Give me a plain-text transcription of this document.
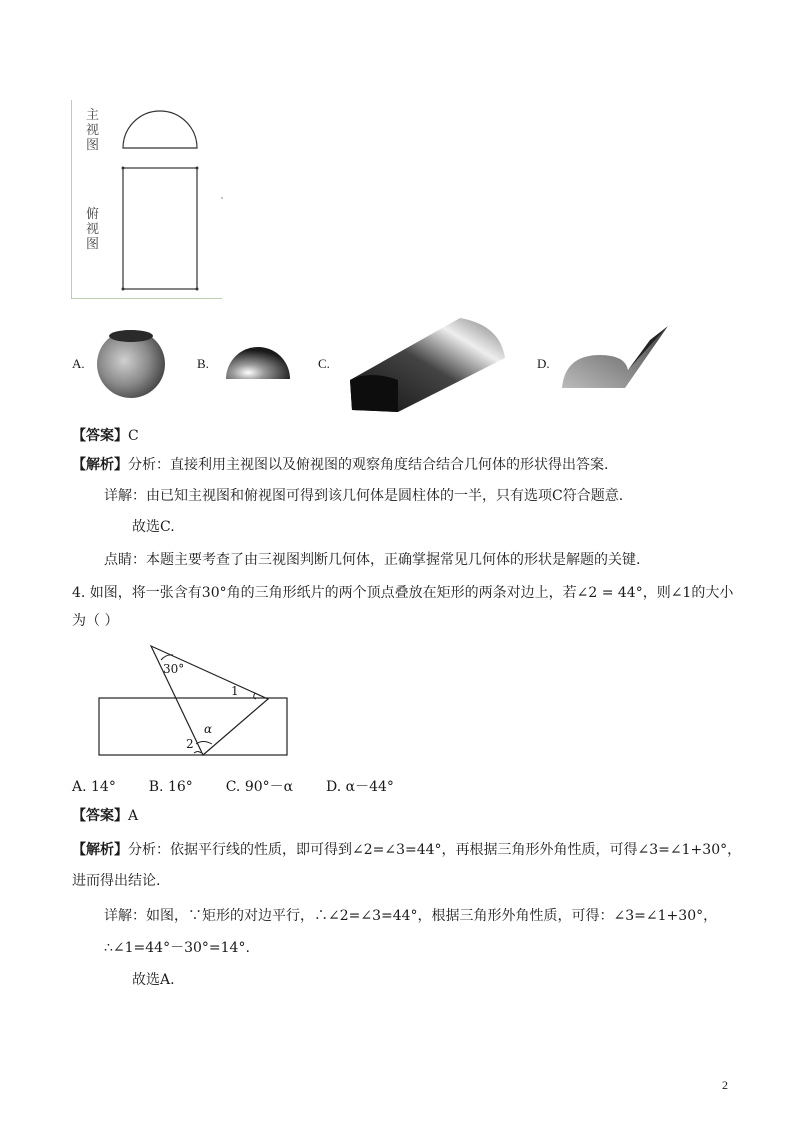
主视图
俯视图
A.	B.	C.	D.
【答案】C
【解析】分析：直接利用主视图以及俯视图的观察角度结合结合几何体的形状得出答案.
详解：由已知主视图和俯视图可得到该几何体是圆柱体的一半，只有选项C符合题意.
故选C.
点睛：本题主要考查了由三视图判断几何体，正确掌握常见几何体的形状是解题的关键.
4. 如图，将一张含有30°角的三角形纸片的两个顶点叠放在矩形的两条对边上，若∠2 = 44°，则∠1的大小
为（ ）
30°
1
α
2
A. 14° B. 16° C. 90°－α D. α－44°
【答案】A
【解析】分析：依据平行线的性质，即可得到∠2=∠3=44°，再根据三角形外角性质，可得∠3=∠1+30°，
进而得出结论.
详解：如图，∵矩形的对边平行，∴∠2=∠3=44°，根据三角形外角性质，可得：∠3=∠1+30°，
∴∠1=44°－30°=14°.
故选A.
2
